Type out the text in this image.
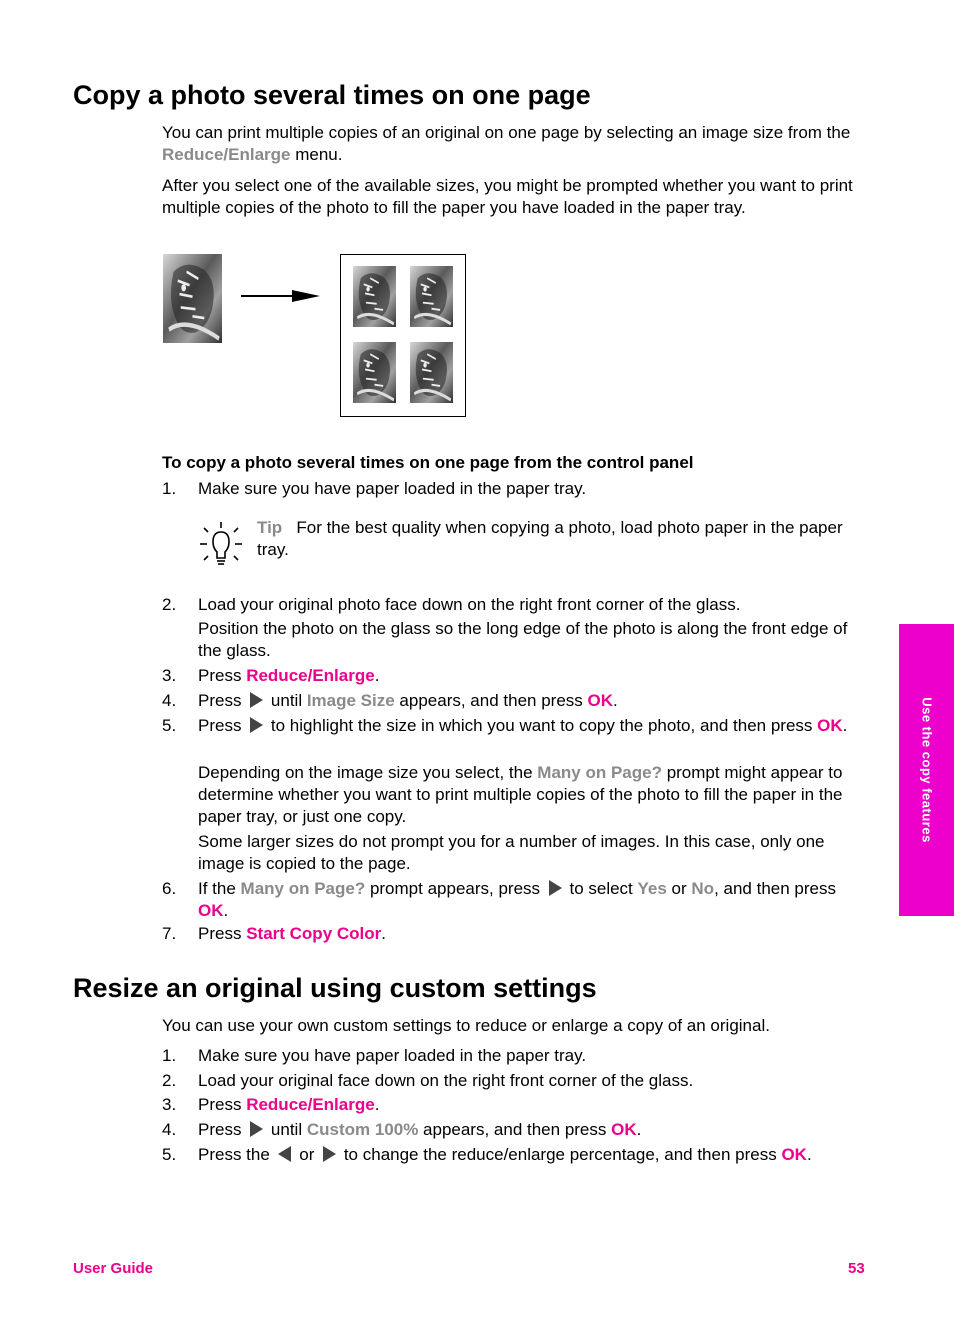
Copy a photo several times on one page
You can print multiple copies of an original on one page by selecting an image size from the Reduce/Enlarge menu.
After you select one of the available sizes, you might be prompted whether you want to print multiple copies of the photo to fill the paper you have loaded in the paper tray.
To copy a photo several times on one page from the control panel
1. Make sure you have paper loaded in the paper tray.
Tip For the best quality when copying a photo, load photo paper in the paper tray.
2. Load your original photo face down on the right front corner of the glass.
Position the photo on the glass so the long edge of the photo is along the front edge of the glass.
3. Press Reduce/Enlarge.
4. Press  until Image Size appears, and then press OK.
5. Press  to highlight the size in which you want to copy the photo, and then press OK.
Depending on the image size you select, the Many on Page? prompt might appear to determine whether you want to print multiple copies of the photo to fill the paper in the paper tray, or just one copy.
Some larger sizes do not prompt you for a number of images. In this case, only one image is copied to the page.
6. If the Many on Page? prompt appears, press  to select Yes or No, and then press OK.
7. Press Start Copy Color.
Resize an original using custom settings
You can use your own custom settings to reduce or enlarge a copy of an original.
1. Make sure you have paper loaded in the paper tray.
2. Load your original face down on the right front corner of the glass.
3. Press Reduce/Enlarge.
4. Press  until Custom 100% appears, and then press OK.
5. Press the  or  to change the reduce/enlarge percentage, and then press OK.
Use the copy features
User Guide	53
